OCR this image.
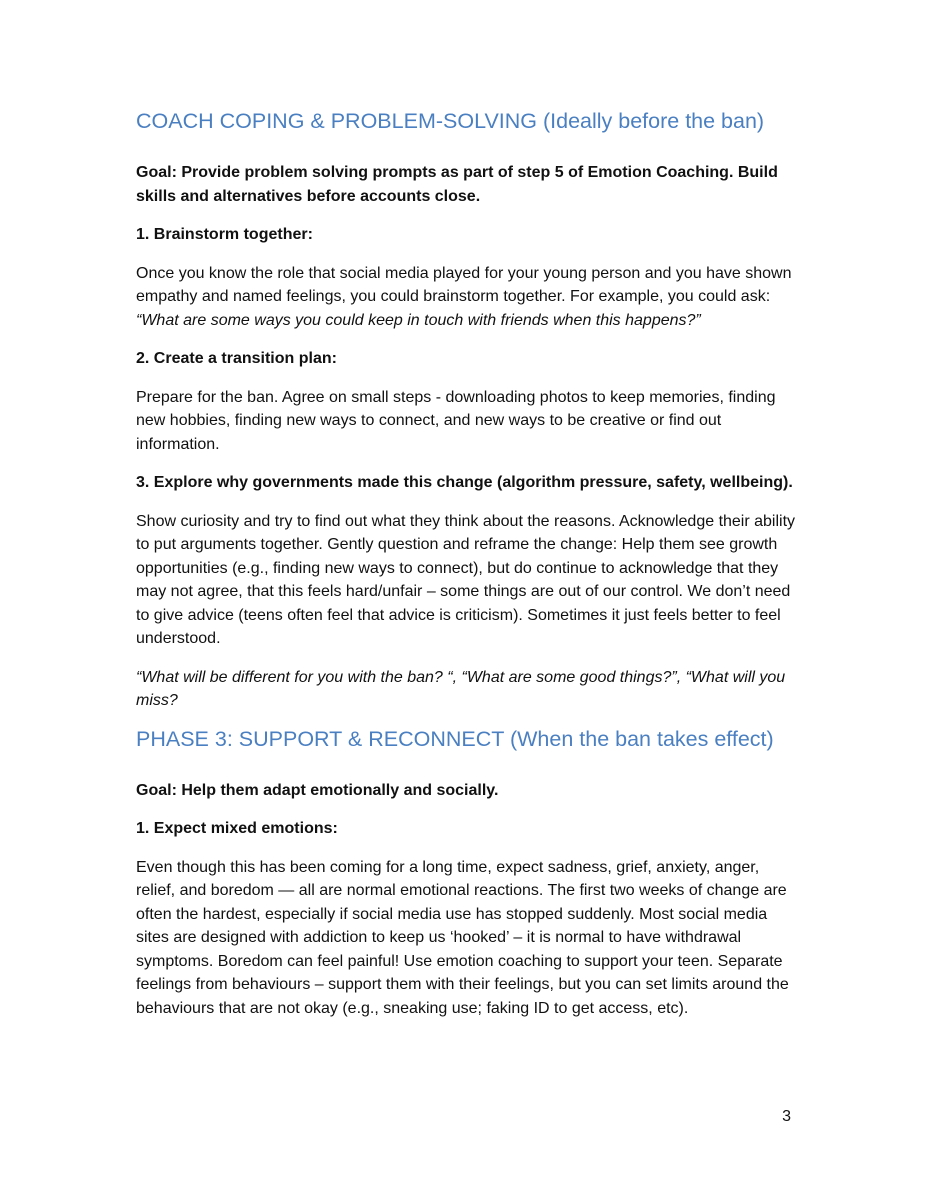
COACH COPING & PROBLEM-SOLVING (Ideally before the ban)

Goal: Provide problem solving prompts as part of step 5 of Emotion Coaching. Build skills and alternatives before accounts close.

1. Brainstorm together:

Once you know the role that social media played for your young person and you have shown empathy and named feelings, you could brainstorm together. For example, you could ask: “What are some ways you could keep in touch with friends when this happens?”

2. Create a transition plan:

Prepare for the ban. Agree on small steps - downloading photos to keep memories, finding new hobbies, finding new ways to connect, and new ways to be creative or find out information.

3. Explore why governments made this change (algorithm pressure, safety, wellbeing).

Show curiosity and try to find out what they think about the reasons. Acknowledge their ability to put arguments together. Gently question and reframe the change: Help them see growth opportunities (e.g., finding new ways to connect), but do continue to acknowledge that they may not agree, that this feels hard/unfair – some things are out of our control. We don’t need to give advice (teens often feel that advice is criticism). Sometimes it just feels better to feel understood.

“What will be different for you with the ban? “, “What are some good things?”, “What will you miss?

PHASE 3: SUPPORT & RECONNECT (When the ban takes effect)

Goal: Help them adapt emotionally and socially.

1. Expect mixed emotions:

Even though this has been coming for a long time, expect sadness, grief, anxiety, anger, relief, and boredom — all are normal emotional reactions. The first two weeks of change are often the hardest, especially if social media use has stopped suddenly. Most social media sites are designed with addiction to keep us ‘hooked’ – it is normal to have withdrawal symptoms. Boredom can feel painful! Use emotion coaching to support your teen. Separate feelings from behaviours – support them with their feelings, but you can set limits around the behaviours that are not okay (e.g., sneaking use; faking ID to get access, etc).

3
